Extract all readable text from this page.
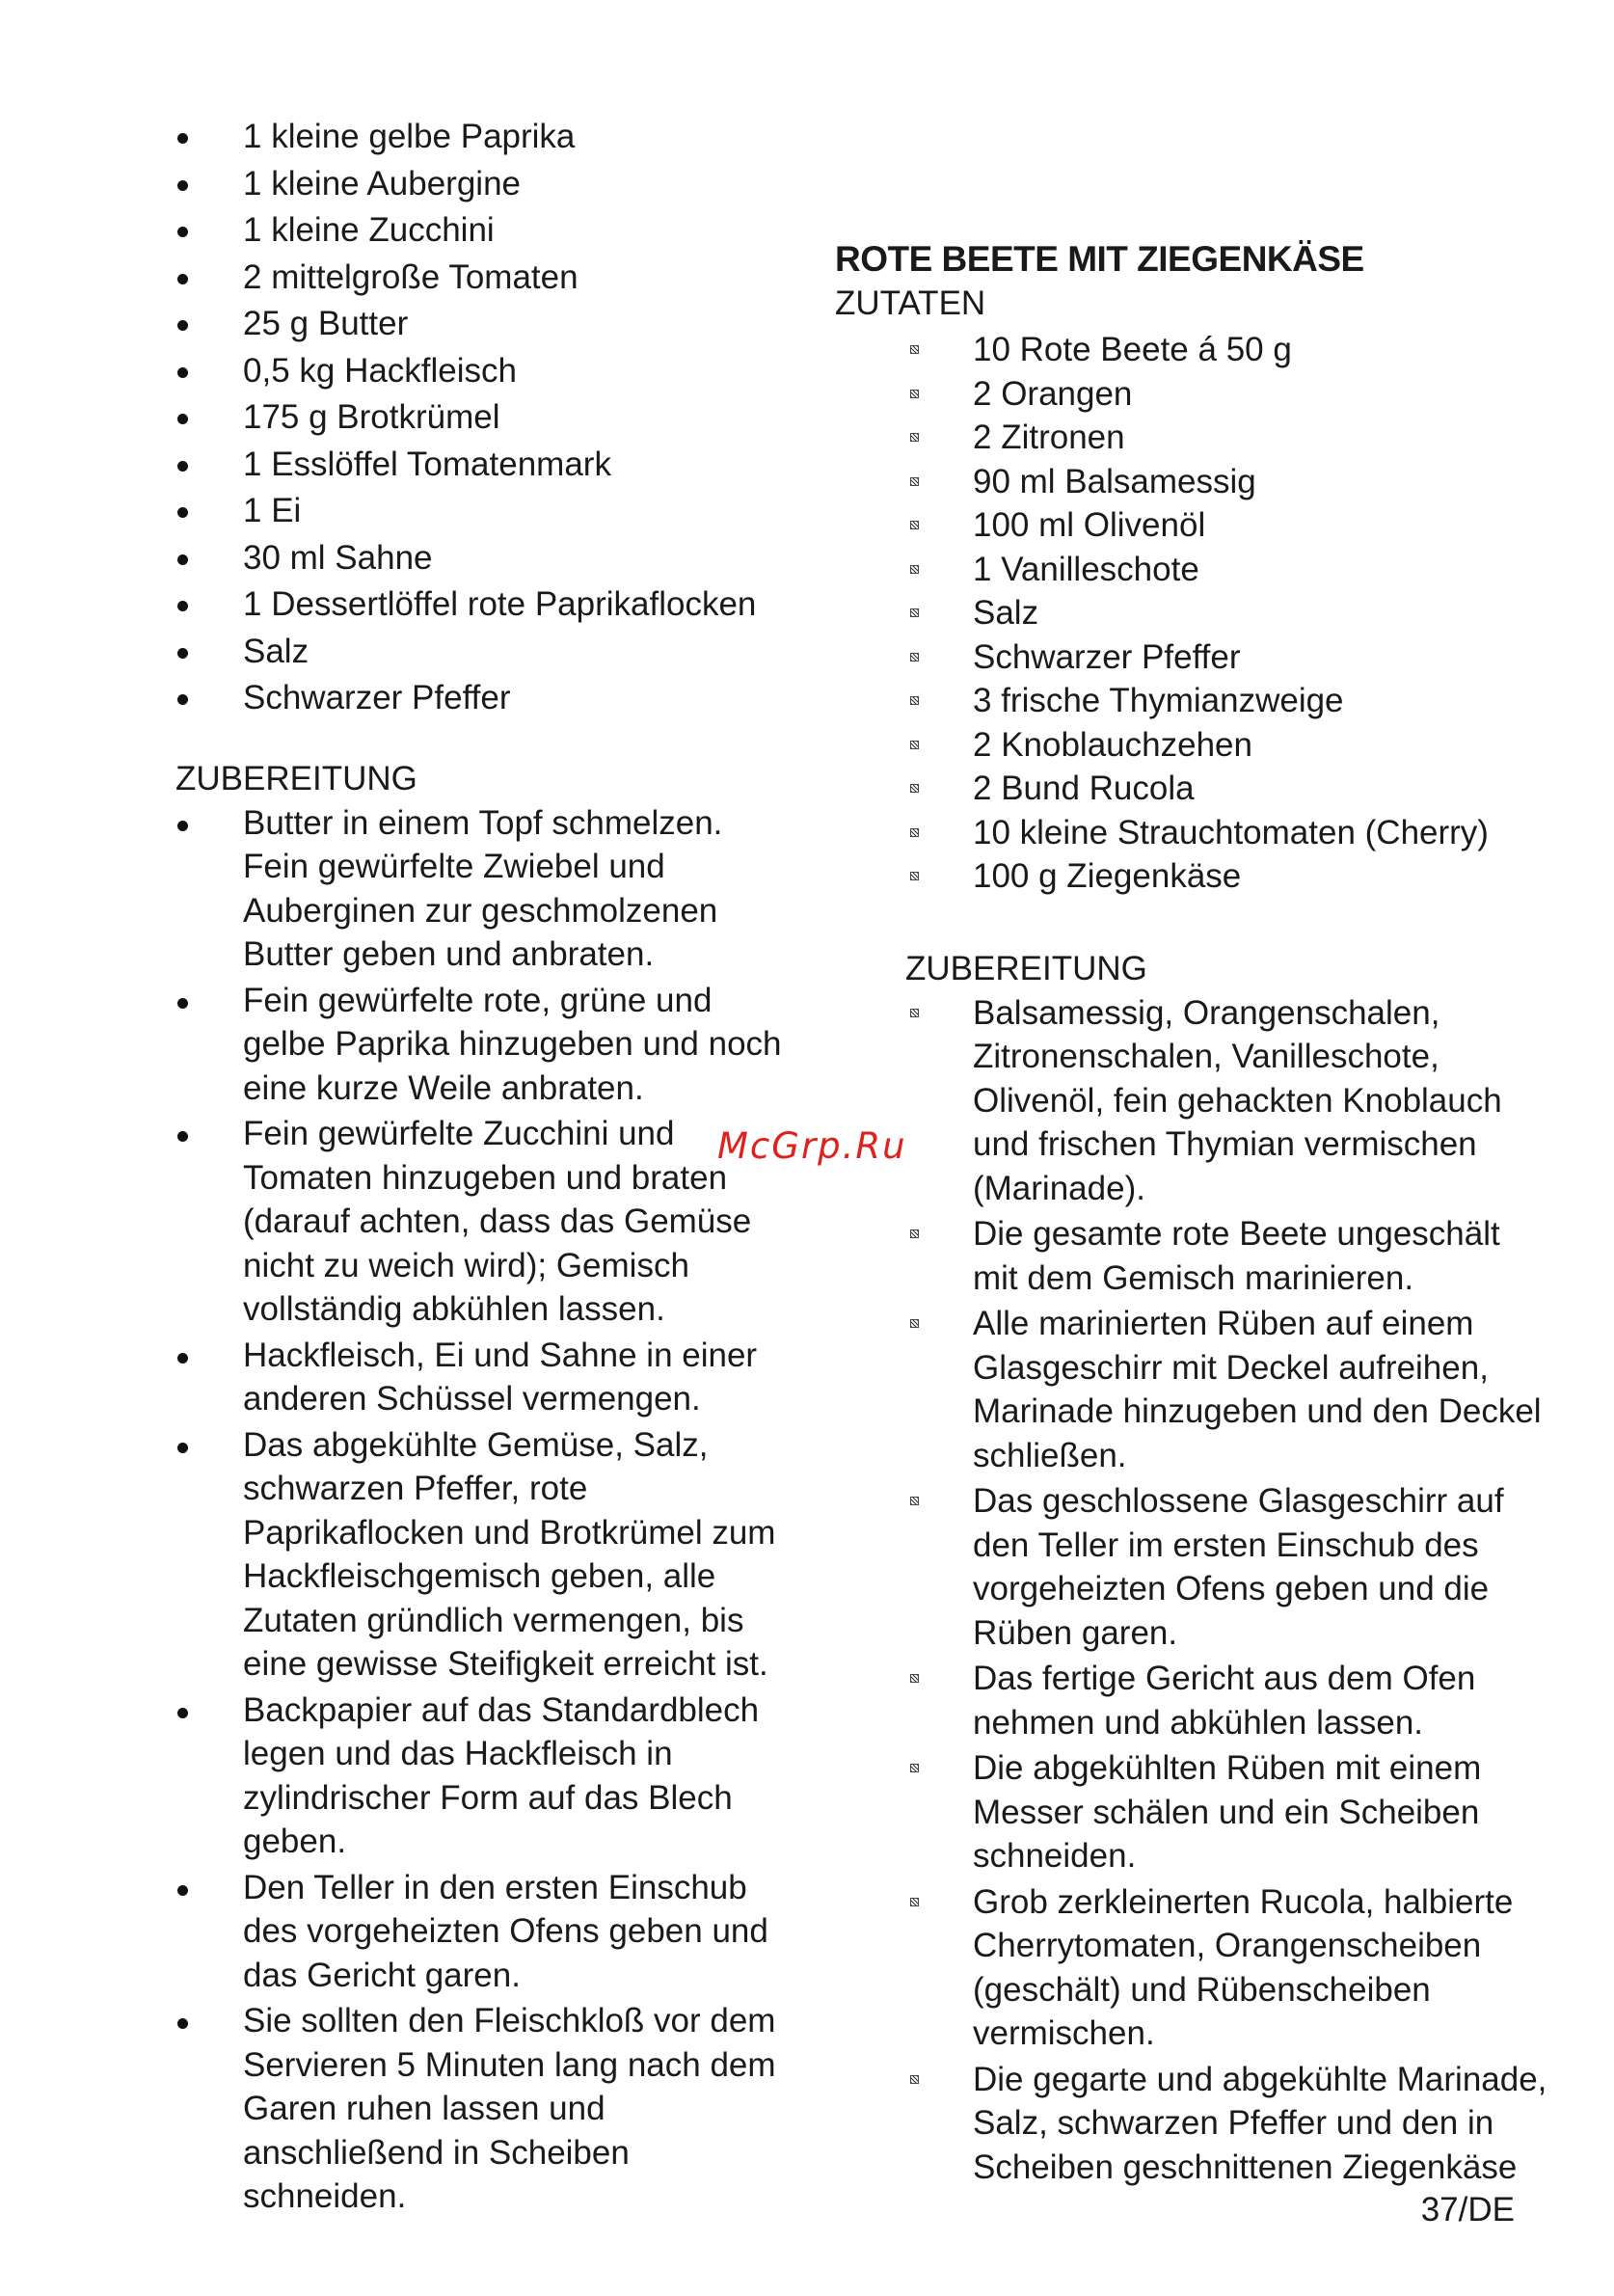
1 kleine gelbe Paprika
1 kleine Aubergine
1 kleine Zucchini
2 mittelgroße Tomaten
25 g Butter
0,5 kg Hackfleisch
175 g Brotkrümel
1 Esslöffel Tomatenmark
1 Ei
30 ml Sahne
1 Dessertlöffel rote Paprikaflocken
Salz
Schwarzer Pfeffer

ZUBEREITUNG

Butter in einem Topf schmelzen. Fein gewürfelte Zwiebel und Auberginen zur geschmolzenen Butter geben und anbraten.
Fein gewürfelte rote, grüne und gelbe Paprika hinzugeben und noch eine kurze Weile anbraten.
Fein gewürfelte Zucchini und Tomaten hinzugeben und braten (darauf achten, dass das Gemüse nicht zu weich wird); Gemisch vollständig abkühlen lassen.
Hackfleisch, Ei und Sahne in einer anderen Schüssel vermengen.
Das abgekühlte Gemüse, Salz, schwarzen Pfeffer, rote Paprikaflocken und Brotkrümel zum Hackfleischgemisch geben, alle Zutaten gründlich vermengen, bis eine gewisse Steifigkeit erreicht ist.
Backpapier auf das Standardblech legen und das Hackfleisch in zylindrischer Form auf das Blech geben.
Den Teller in den ersten Einschub des vorgeheizten Ofens geben und das Gericht garen.
Sie sollten den Fleischkloß vor dem Servieren 5 Minuten lang nach dem Garen ruhen lassen und anschließend in Scheiben schneiden.
ROTE BEETE MIT ZIEGENKÄSE

ZUTATEN

10 Rote Beete á 50 g
2 Orangen
2 Zitronen
90 ml Balsamessig
100 ml Olivenöl
1 Vanilleschote
Salz
Schwarzer Pfeffer
3 frische Thymianzweige
2 Knoblauchzehen
2 Bund Rucola
10 kleine Strauchtomaten (Cherry)
100 g Ziegenkäse

ZUBEREITUNG

Balsamessig, Orangenschalen, Zitronenschalen, Vanilleschote, Olivenöl, fein gehackten Knoblauch und frischen Thymian vermischen (Marinade).
Die gesamte rote Beete ungeschält mit dem Gemisch marinieren.
Alle marinierten Rüben auf einem Glasgeschirr mit Deckel aufreihen, Marinade hinzugeben und den Deckel schließen.
Das geschlossene Glasgeschirr auf den Teller im ersten Einschub des vorgeheizten Ofens geben und die Rüben garen.
Das fertige Gericht aus dem Ofen nehmen und abkühlen lassen.
Die abgekühlten Rüben mit einem Messer schälen und ein Scheiben schneiden.
Grob zerkleinerten Rucola, halbierte Cherrytomaten, Orangenscheiben (geschält) und Rübenscheiben vermischen.
Die gegarte und abgekühlte Marinade, Salz, schwarzen Pfeffer und den in Scheiben geschnittenen Ziegenkäse
McGrp.Ru
37/DE
